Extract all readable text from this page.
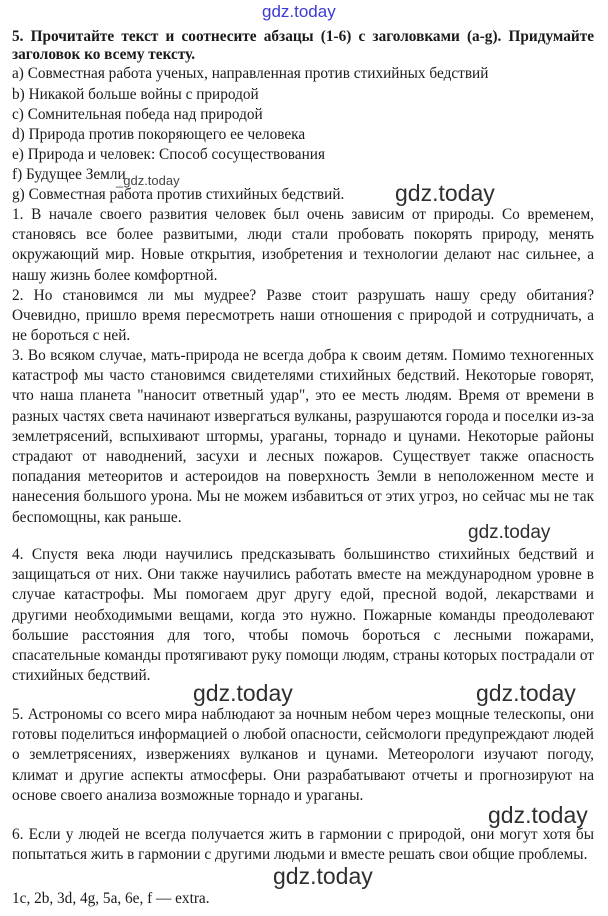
gdz.today
5. Прочитайте текст и соотнесите абзацы (1-6) с заголовками (a-g). Придумайте заголовок ко всему тексту.
a) Совместная работа ученых, направленная против стихийных бедствий
b) Никакой больше войны с природой
c) Сомнительная победа над природой
d) Природа против покоряющего ее человека
e) Природа и человек: Способ сосуществования
f) Будущее Земли
g) Совместная работа против стихийных бедствий.
1. В начале своего развития человек был очень зависим от природы. Со временем, становясь все более развитыми, люди стали пробовать покорять природу, менять окружающий мир. Новые открытия, изобретения и технологии делают нас сильнее, а нашу жизнь более комфортной.
2. Но становимся ли мы мудрее? Разве стоит разрушать нашу среду обитания? Очевидно, пришло время пересмотреть наши отношения с природой и сотрудничать, а не бороться с ней.
3. Во всяком случае, мать-природа не всегда добра к своим детям. Помимо техногенных катастроф мы часто становимся свидетелями стихийных бедствий. Некоторые говорят, что наша планета "наносит ответный удар", это ее месть людям. Время от времени в разных частях света начинают извергаться вулканы, разрушаются города и поселки из-за землетрясений, вспыхивают штормы, ураганы, торнадо и цунами. Некоторые районы страдают от наводнений, засухи и лесных пожаров. Существует также опасность попадания метеоритов и астероидов на поверхность Земли в неположенном месте и нанесения большого урона. Мы не можем избавиться от этих угроз, но сейчас мы не так беспомощны, как раньше.
4. Спустя века люди научились предсказывать большинство стихийных бедствий и защищаться от них. Они также научились работать вместе на международном уровне в случае катастрофы. Мы помогаем друг другу едой, пресной водой, лекарствами и другими необходимыми вещами, когда это нужно. Пожарные команды преодолевают большие расстояния для того, чтобы помочь бороться с лесными пожарами, спасательные команды протягивают руку помощи людям, страны которых пострадали от стихийных бедствий.
5. Астрономы со всего мира наблюдают за ночным небом через мощные телескопы, они готовы поделиться информацией о любой опасности, сейсмологи предупреждают людей о землетрясениях, извержениях вулканов и цунами. Метеорологи изучают погоду, климат и другие аспекты атмосферы. Они разрабатывают отчеты и прогнозируют на основе своего анализа возможные торнадо и ураганы.
6. Если у людей не всегда получается жить в гармонии с природой, они могут хотя бы попытаться жить в гармонии с другими людьми и вместе решать свои общие проблемы.
1c, 2b, 3d, 4g, 5a, 6e, f — extra.
_gdz.today	gdz.today
gdz.today
gdz.today	gdz.today
gdz.today
gdz.today
